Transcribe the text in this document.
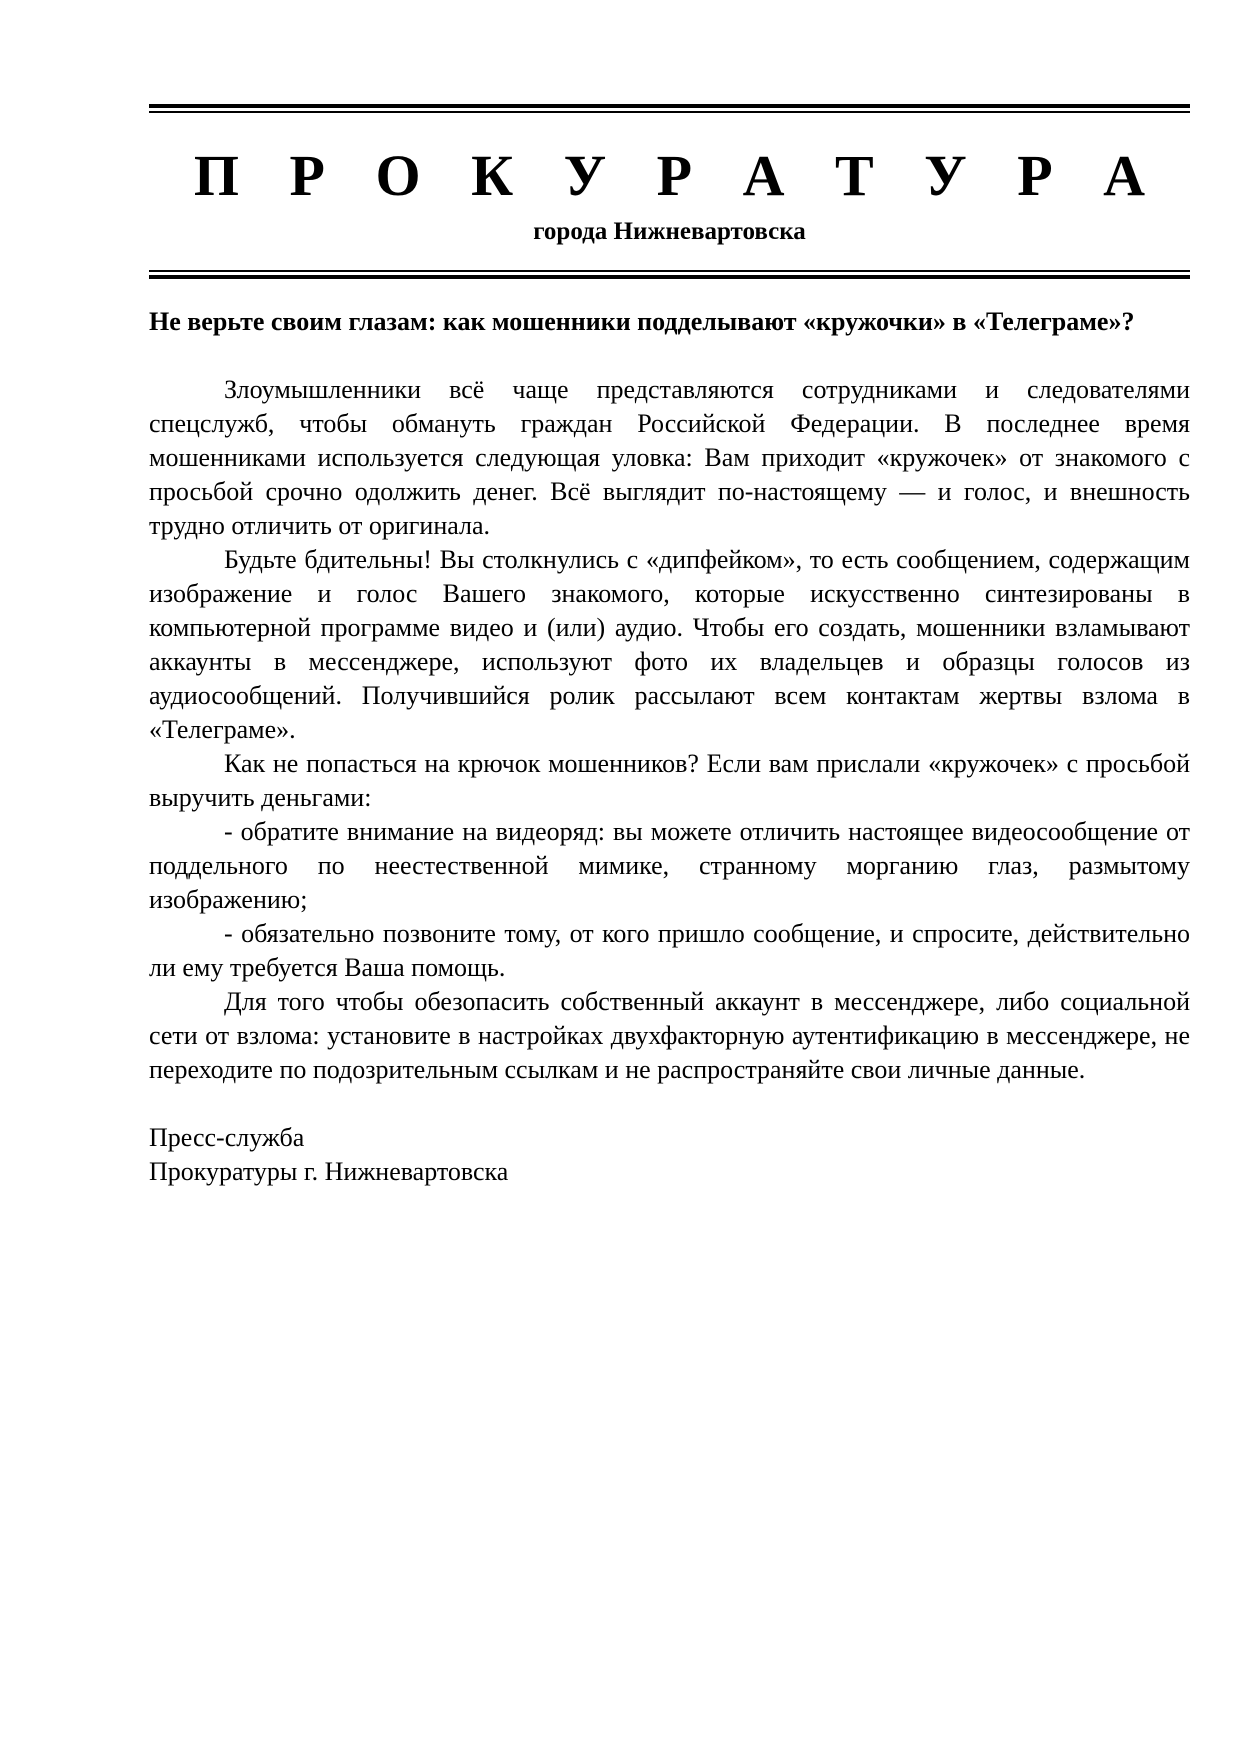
П Р О К У Р А Т У Р А
города Нижневартовска

Не верьте своим глазам: как мошенники подделывают «кружочки» в «Телеграме»?

Злоумышленники всё чаще представляются сотрудниками и следователями спецслужб, чтобы обмануть граждан Российской Федерации. В последнее время мошенниками используется следующая уловка: Вам приходит «кружочек» от знакомого с просьбой срочно одолжить денег. Всё выглядит по-настоящему — и голос, и внешность трудно отличить от оригинала.

Будьте бдительны! Вы столкнулись с «дипфейком», то есть сообщением, содержащим изображение и голос Вашего знакомого, которые искусственно синтезированы в компьютерной программе видео и (или) аудио. Чтобы его создать, мошенники взламывают аккаунты в мессенджере, используют фото их владельцев и образцы голосов из аудиосообщений. Получившийся ролик рассылают всем контактам жертвы взлома в «Телеграме».

Как не попасться на крючок мошенников? Если вам прислали «кружочек» с просьбой выручить деньгами:

- обратите внимание на видеоряд: вы можете отличить настоящее видеосообщение от поддельного по неестественной мимике, странному морганию глаз, размытому изображению;

- обязательно позвоните тому, от кого пришло сообщение, и спросите, действительно ли ему требуется Ваша помощь.

Для того чтобы обезопасить собственный аккаунт в мессенджере, либо социальной сети от взлома: установите в настройках двухфакторную аутентификацию в мессенджере, не переходите по подозрительным ссылкам и не распространяйте свои личные данные.

Пресс-служба
Прокуратуры г. Нижневартовска
